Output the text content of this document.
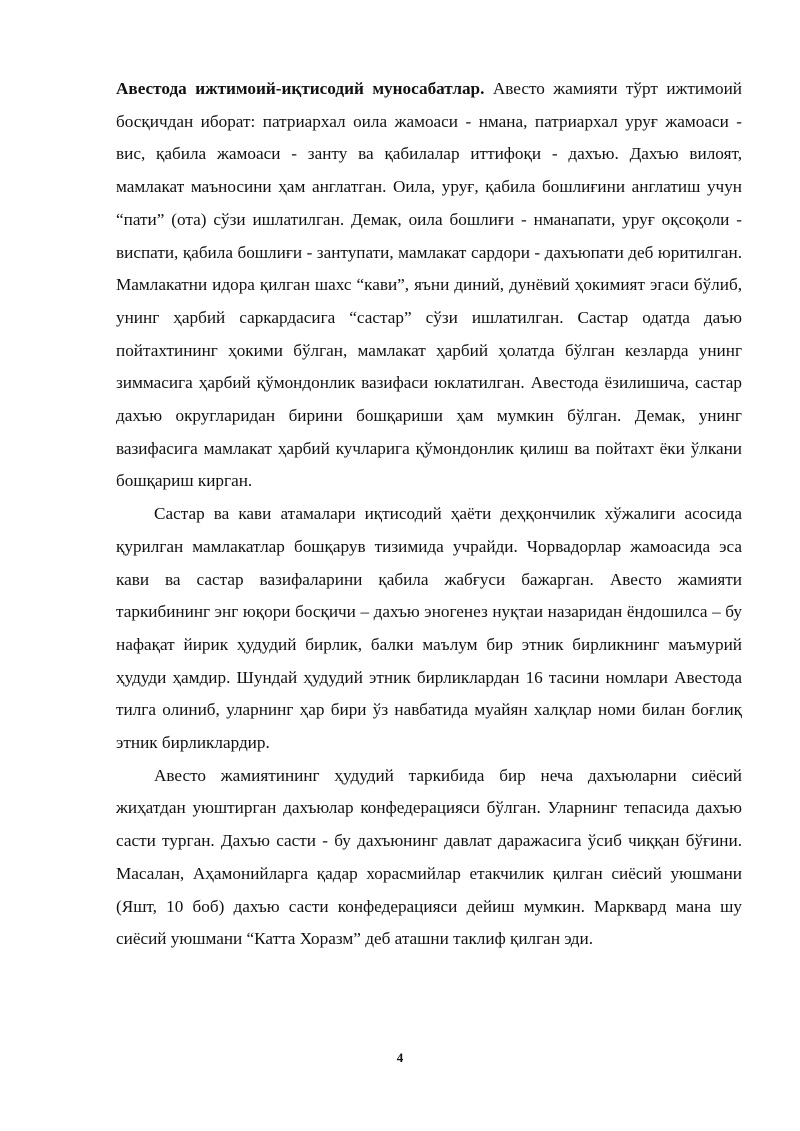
Авестода ижтимоий-иқтисодий муносабатлар. Авесто жамияти тўрт ижтимоий босқичдан иборат: патриархал оила жамоаси - нмана, патриархал уруғ жамоаси - вис, қабила жамоаси - занту ва қабилалар иттифоқи - дахъю. Дахъю вилоят, мамлакат маъносини ҳам англатган. Оила, уруғ, қабила бошлиғини англатиш учун “пати” (ота) сўзи ишлатилган. Демак, оила бошлиғи - нманапати, уруғ оқсоқоли - виспати, қабила бошлиғи - зантупати, мамлакат сардори - дахъюпати деб юритилган. Мамлакатни идора қилган шахс “кави”, яъни диний, дунёвий ҳокимият эгаси бўлиб, унинг ҳарбий саркардасига “састар” сўзи ишлатилган. Састар одатда даъю пойтахтининг ҳокими бўлган, мамлакат ҳарбий ҳолатда бўлган кезларда унинг зиммасига ҳарбий қўмондонлик вазифаси юклатилган. Авестода ёзилишича, састар дахъю округларидан бирини бошқариши ҳам мумкин бўлган. Демак, унинг вазифасига мамлакат ҳарбий кучларига қўмондонлик қилиш ва пойтахт ёки ўлкани бошқариш кирган.

Састар ва кави атамалари иқтисодий ҳаёти деҳқончилик хўжалиги асосида қурилган мамлакатлар бошқарув тизимида учрайди. Чорвадорлар жамоасида эса кави ва састар вазифаларини қабила жабғуси бажарган. Авесто жамияти таркибининг энг юқори босқичи – дахъю эногенез нуқтаи назаридан ёндошилса – бу нафақат йирик ҳудудий бирлик, балки маълум бир этник бирликнинг маъмурий ҳудуди ҳамдир. Шундай ҳудудий этник бирликлардан 16 тасини номлари Авестода тилга олиниб, уларнинг ҳар бири ўз навбатида муайян халқлар номи билан боғлиқ этник бирликлардир.

Авесто жамиятининг ҳудудий таркибида бир неча дахъюларни сиёсий жиҳатдан уюштирган дахъюлар конфедерацияси бўлган. Уларнинг тепасида дахъю састи турган. Дахъю састи - бу дахъюнинг давлат даражасига ўсиб чиққан бўғини. Масалан, Аҳамонийларга қадар хорасмийлар етакчилик қилган сиёсий уюшмани (Яшт, 10 боб) дахъю састи конфедерацияси дейиш мумкин. Марквард мана шу сиёсий уюшмани “Катта Хоразм” деб аташни таклиф қилган эди.

4
